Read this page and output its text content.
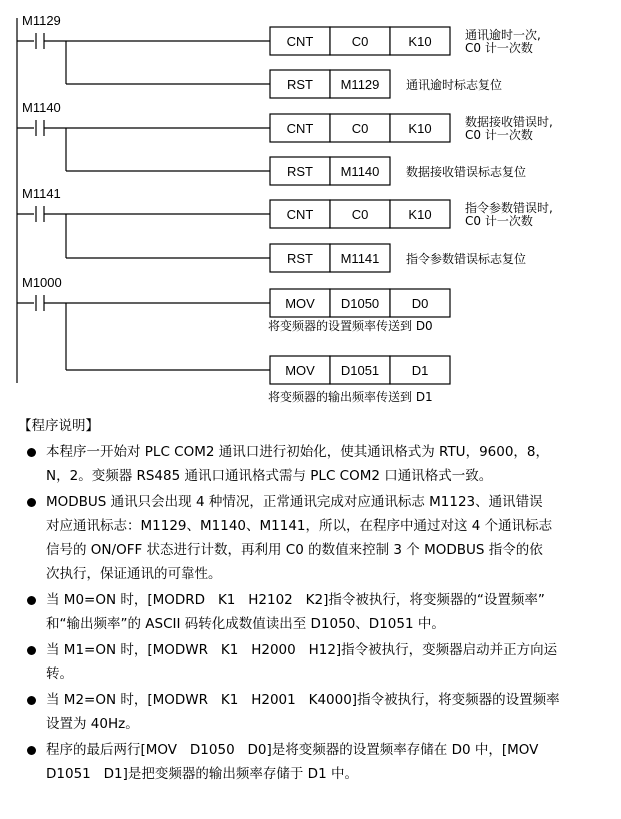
M1129
CNT	C0	K10	通讯逾时一次,
C0 计一次数
RST M1129 通讯逾时标志复位
M1140
CNT	C0	K10	数据接收错误时,
C0 计一次数
RST M1140 数据接收错误标志复位
M1141
CNT	C0	K10	指令参数错误时,
C0 计一次数
RST M1141 指令参数错误标志复位
M1000
MOV D1050	D0
将变频器的设置频率传送到 D0
MOV D1051	D1
将变频器的输出频率传送到 D1
【程序说明】
本程序一开始对 PLC COM2 通讯口进行初始化，使其通讯格式为 RTU，9600，8，
N，2。变频器 RS485 通讯口通讯格式需与 PLC COM2 口通讯格式一致。
MODBUS 通讯只会出现 4 种情况，正常通讯完成对应通讯标志 M1123、通讯错误
对应通讯标志：M1129、M1140、M1141，所以，在程序中通过对这 4 个通讯标志
信号的 ON/OFF 状态进行计数，再利用 C0 的数值来控制 3 个 MODBUS 指令的依
次执行，保证通讯的可靠性。
当 M0=ON 时，[MODRD   K1   H2102   K2]指令被执行，将变频器的“设置频率”
和“输出频率”的 ASCII 码转化成数值读出至 D1050、D1051 中。
当 M1=ON 时，[MODWR   K1   H2000   H12]指令被执行，变频器启动并正方向运
转。
当 M2=ON 时，[MODWR   K1   H2001   K4000]指令被执行，将变频器的设置频率
设置为 40Hz。
程序的最后两行[MOV   D1050   D0]是将变频器的设置频率存储在 D0 中，[MOV
D1051   D1]是把变频器的输出频率存储于 D1 中。
